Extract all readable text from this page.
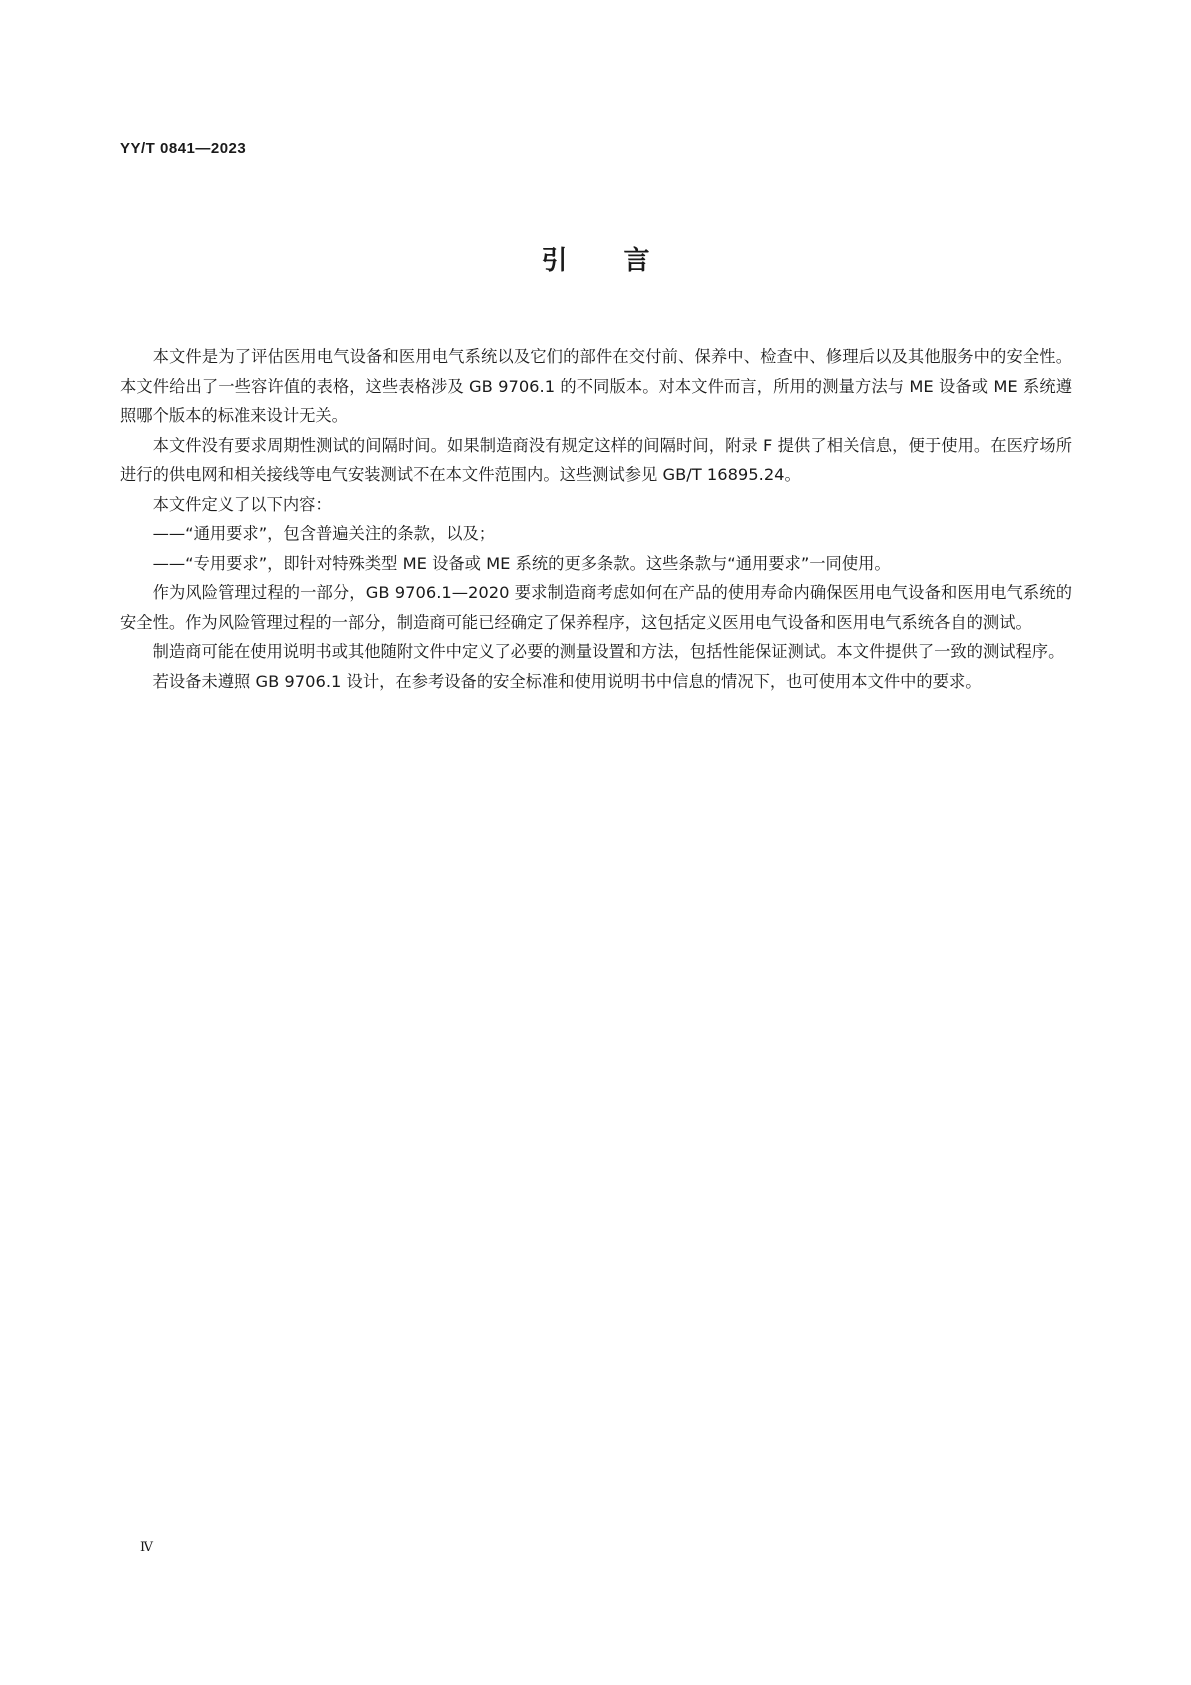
YY/T 0841—2023
引言

本文件是为了评估医用电气设备和医用电气系统以及它们的部件在交付前、保养中、检查中、修理后以及其他服务中的安全性。本文件给出了一些容许值的表格，这些表格涉及 GB 9706.1 的不同版本。对本文件而言，所用的测量方法与 ME 设备或 ME 系统遵照哪个版本的标准来设计无关。

本文件没有要求周期性测试的间隔时间。如果制造商没有规定这样的间隔时间，附录 F 提供了相关信息，便于使用。在医疗场所进行的供电网和相关接线等电气安装测试不在本文件范围内。这些测试参见 GB/T 16895.24。

本文件定义了以下内容：

——“通用要求”，包含普遍关注的条款，以及；

——“专用要求”，即针对特殊类型 ME 设备或 ME 系统的更多条款。这些条款与“通用要求”一同使用。

作为风险管理过程的一部分，GB 9706.1—2020 要求制造商考虑如何在产品的使用寿命内确保医用电气设备和医用电气系统的安全性。作为风险管理过程的一部分，制造商可能已经确定了保养程序，这包括定义医用电气设备和医用电气系统各自的测试。

制造商可能在使用说明书或其他随附文件中定义了必要的测量设置和方法，包括性能保证测试。本文件提供了一致的测试程序。

若设备未遵照 GB 9706.1 设计，在参考设备的安全标准和使用说明书中信息的情况下，也可使用本文件中的要求。

Ⅳ
